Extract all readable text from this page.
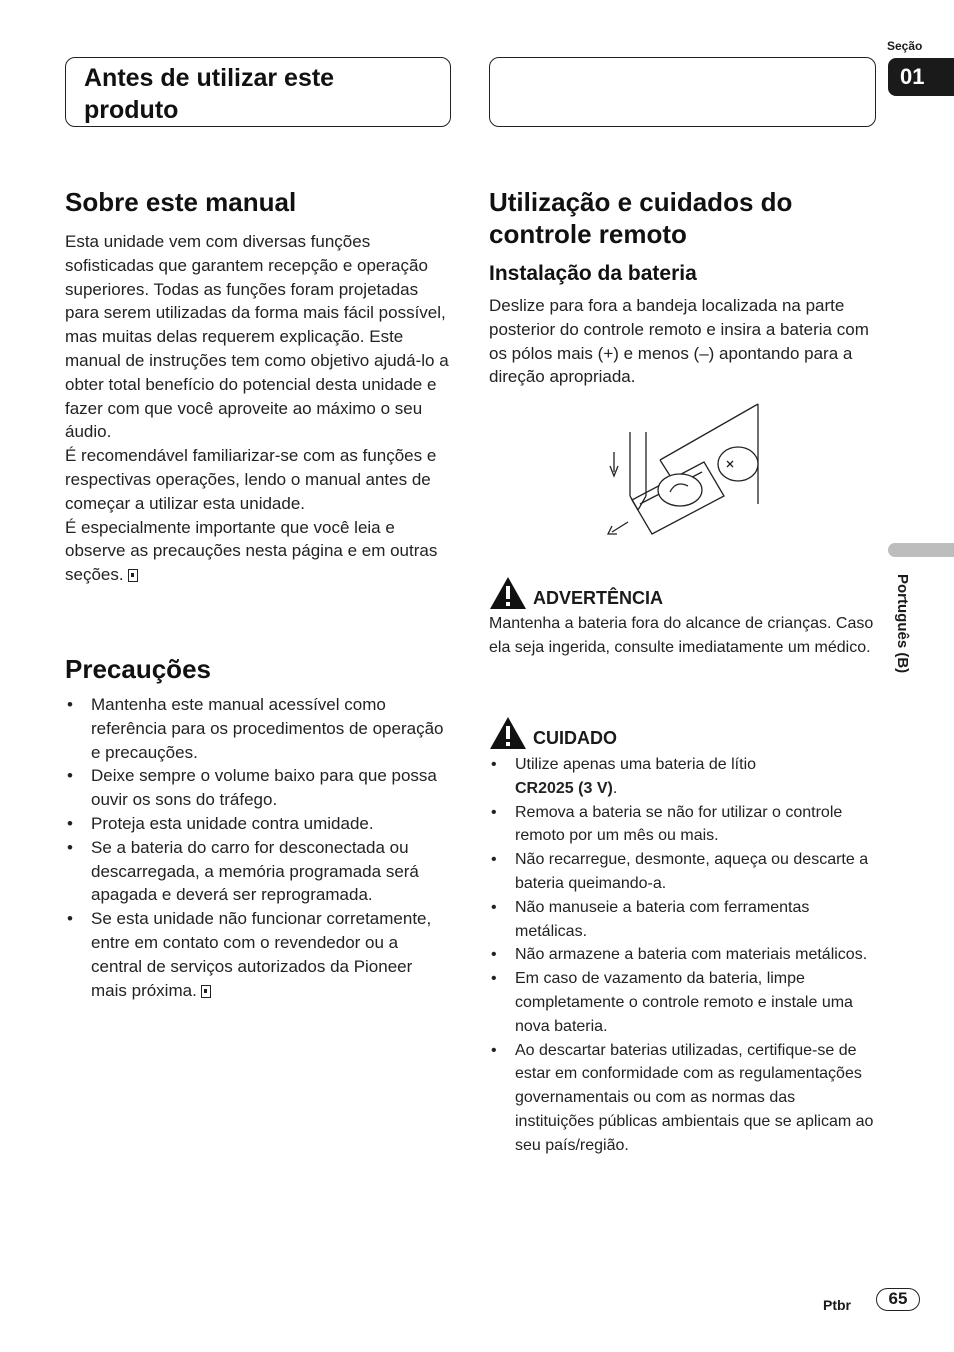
Antes de utilizar este produto
Seção
01
Português (B)
Sobre este manual

Esta unidade vem com diversas funções sofisticadas que garantem recepção e operação superiores. Todas as funções foram projetadas para serem utilizadas da forma mais fácil possível, mas muitas delas requerem explicação. Este manual de instruções tem como objetivo ajudá-lo a obter total benefício do potencial desta unidade e fazer com que você aproveite ao máximo o seu áudio.

É recomendável familiarizar-se com as funções e respectivas operações, lendo o manual antes de começar a utilizar esta unidade.

É especialmente importante que você leia e observe as precauções nesta página e em outras seções.

Precauções
• Mantenha este manual acessível como referência para os procedimentos de operação e precauções.
• Deixe sempre o volume baixo para que possa ouvir os sons do tráfego.
• Proteja esta unidade contra umidade.
• Se a bateria do carro for desconectada ou descarregada, a memória programada será apagada e deverá ser reprogramada.
• Se esta unidade não funcionar corretamente, entre em contato com o revendedor ou a central de serviços autorizados da Pioneer mais próxima.
Utilização e cuidados do controle remoto
Instalação da bateria

Deslize para fora a bandeja localizada na parte posterior do controle remoto e insira a bateria com os pólos mais (+) e menos (–) apontando para a direção apropriada.

ADVERTÊNCIA

Mantenha a bateria fora do alcance de crianças. Caso ela seja ingerida, consulte imediatamente um médico.

CUIDADO
• Utilize apenas uma bateria de lítio
CR2025 (3 V).
• Remova a bateria se não for utilizar o controle remoto por um mês ou mais.
• Não recarregue, desmonte, aqueça ou descarte a bateria queimando-a.
• Não manuseie a bateria com ferramentas metálicas.
• Não armazene a bateria com materiais metálicos.
• Em caso de vazamento da bateria, limpe completamente o controle remoto e instale uma nova bateria.
• Ao descartar baterias utilizadas, certifique-se de estar em conformidade com as regulamentações governamentais ou com as normas das instituições públicas ambientais que se aplicam ao seu país/região.
Ptbr	65
